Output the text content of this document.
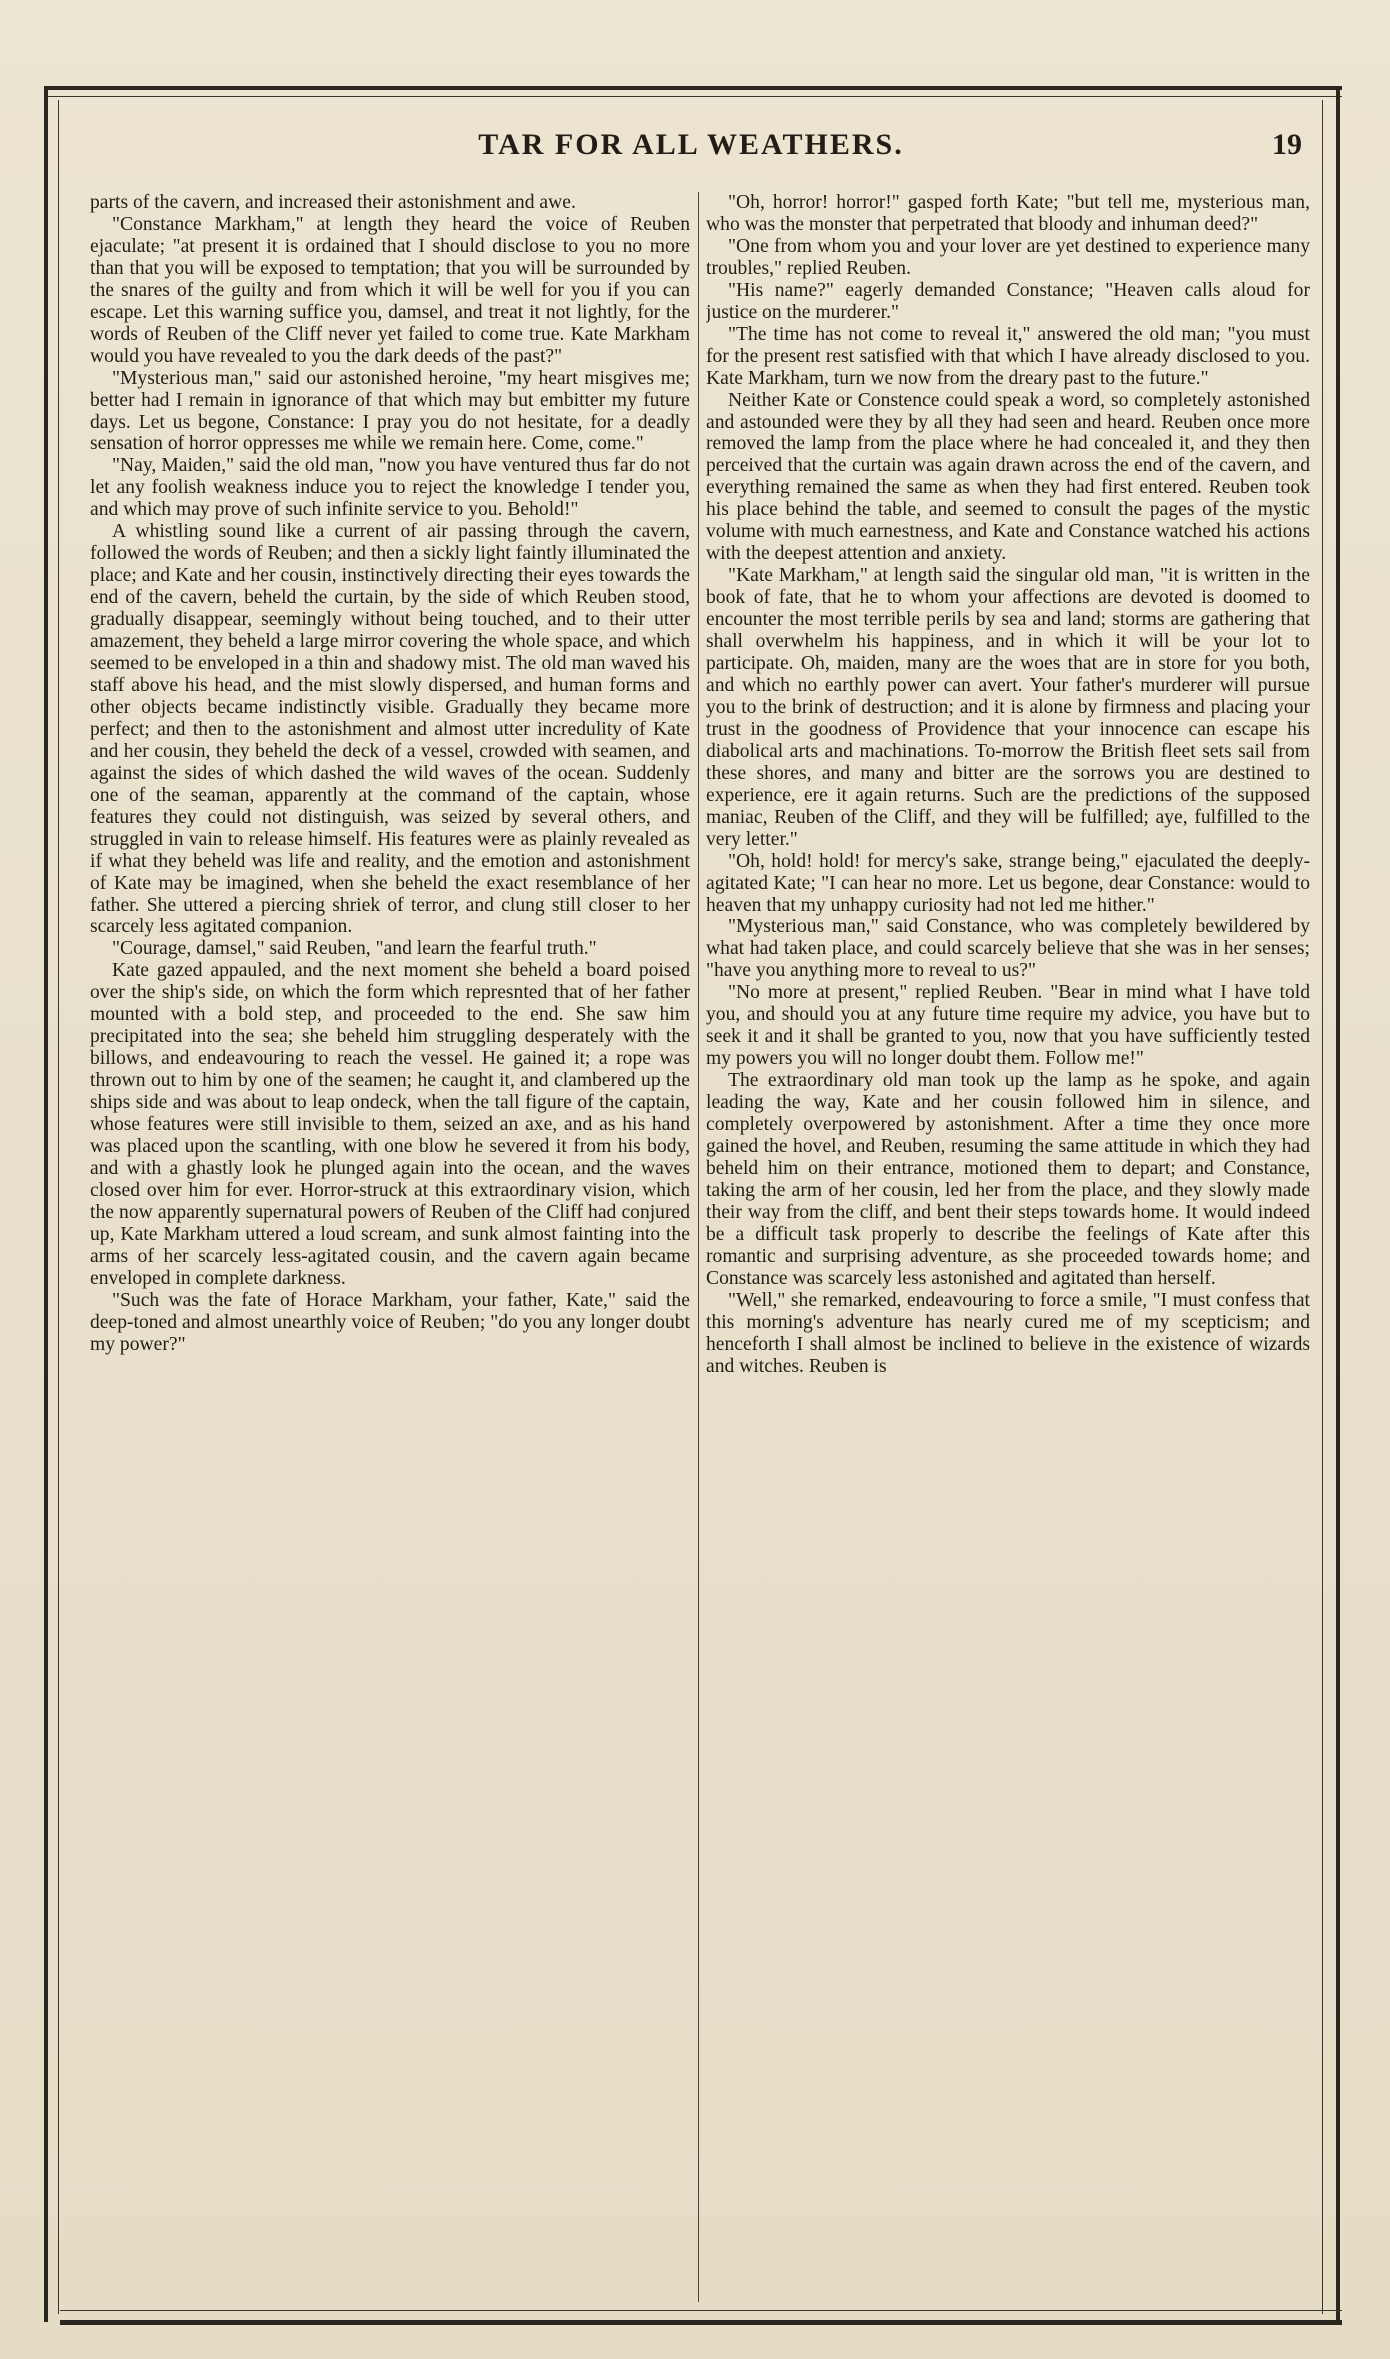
TAR FOR ALL WEATHERS.	19

parts of the cavern, and increased their astonishment and awe.

"Constance Markham," at length they heard the voice of Reuben ejaculate; "at present it is ordained that I should disclose to you no more than that you will be exposed to temptation; that you will be surrounded by the snares of the guilty and from which it will be well for you if you can escape. Let this warning suffice you, damsel, and treat it not lightly, for the words of Reuben of the Cliff never yet failed to come true. Kate Markham would you have revealed to you the dark deeds of the past?"

"Mysterious man," said our astonished heroine, "my heart misgives me; better had I remain in ignorance of that which may but embitter my future days. Let us begone, Constance: I pray you do not hesitate, for a deadly sensation of horror oppresses me while we remain here. Come, come."

"Nay, Maiden," said the old man, "now you have ventured thus far do not let any foolish weakness induce you to reject the knowledge I tender you, and which may prove of such infinite service to you. Behold!"

A whistling sound like a current of air passing through the cavern, followed the words of Reuben; and then a sickly light faintly illuminated the place; and Kate and her cousin, instinctively directing their eyes towards the end of the cavern, beheld the curtain, by the side of which Reuben stood, gradually disappear, seemingly without being touched, and to their utter amazement, they beheld a large mirror covering the whole space, and which seemed to be enveloped in a thin and shadowy mist. The old man waved his staff above his head, and the mist slowly dispersed, and human forms and other objects became indistinctly visible. Gradually they became more perfect; and then to the astonishment and almost utter incredulity of Kate and her cousin, they beheld the deck of a vessel, crowded with seamen, and against the sides of which dashed the wild waves of the ocean. Suddenly one of the seaman, apparently at the command of the captain, whose features they could not distinguish, was seized by several others, and struggled in vain to release himself. His features were as plainly revealed as if what they beheld was life and reality, and the emotion and astonishment of Kate may be imagined, when she beheld the exact resemblance of her father. She uttered a piercing shriek of terror, and clung still closer to her scarcely less agitated companion.

"Courage, damsel," said Reuben, "and learn the fearful truth."

Kate gazed appauled, and the next moment she beheld a board poised over the ship's side, on which the form which represnted that of her father mounted with a bold step, and proceeded to the end. She saw him precipitated into the sea; she beheld him struggling desperately with the billows, and endeavouring to reach the vessel. He gained it; a rope was thrown out to him by one of the seamen; he caught it, and clambered up the ships side and was about to leap ondeck, when the tall figure of the captain, whose features were still invisible to them, seized an axe, and as his hand was placed upon the scantling, with one blow he severed it from his body, and with a ghastly look he plunged again into the ocean, and the waves closed over him for ever. Horror-struck at this extraordinary vision, which the now apparently supernatural powers of Reuben of the Cliff had conjured up, Kate Markham uttered a loud scream, and sunk almost fainting into the arms of her scarcely less-agitated cousin, and the cavern again became enveloped in complete darkness.

"Such was the fate of Horace Markham, your father, Kate," said the deep-toned and almost unearthly voice of Reuben; "do you any longer doubt my power?"

"Oh, horror! horror!" gasped forth Kate; "but tell me, mysterious man, who was the monster that perpetrated that bloody and inhuman deed?"

"One from whom you and your lover are yet destined to experience many troubles," replied Reuben.

"His name?" eagerly demanded Constance; "Heaven calls aloud for justice on the murderer."

"The time has not come to reveal it," answered the old man; "you must for the present rest satisfied with that which I have already disclosed to you. Kate Markham, turn we now from the dreary past to the future."

Neither Kate or Constence could speak a word, so completely astonished and astounded were they by all they had seen and heard. Reuben once more removed the lamp from the place where he had concealed it, and they then perceived that the curtain was again drawn across the end of the cavern, and everything remained the same as when they had first entered. Reuben took his place behind the table, and seemed to consult the pages of the mystic volume with much earnestness, and Kate and Constance watched his actions with the deepest attention and anxiety.

"Kate Markham," at length said the singular old man, "it is written in the book of fate, that he to whom your affections are devoted is doomed to encounter the most terrible perils by sea and land; storms are gathering that shall overwhelm his happiness, and in which it will be your lot to participate. Oh, maiden, many are the woes that are in store for you both, and which no earthly power can avert. Your father's murderer will pursue you to the brink of destruction; and it is alone by firmness and placing your trust in the goodness of Providence that your innocence can escape his diabolical arts and machinations. To-morrow the British fleet sets sail from these shores, and many and bitter are the sorrows you are destined to experience, ere it again returns. Such are the predictions of the supposed maniac, Reuben of the Cliff, and they will be fulfilled; aye, fulfilled to the very letter."

"Oh, hold! hold! for mercy's sake, strange being," ejaculated the deeply-agitated Kate; "I can hear no more. Let us begone, dear Constance: would to heaven that my unhappy curiosity had not led me hither."

"Mysterious man," said Constance, who was completely bewildered by what had taken place, and could scarcely believe that she was in her senses; "have you anything more to reveal to us?"

"No more at present," replied Reuben. "Bear in mind what I have told you, and should you at any future time require my advice, you have but to seek it and it shall be granted to you, now that you have sufficiently tested my powers you will no longer doubt them. Follow me!"

The extraordinary old man took up the lamp as he spoke, and again leading the way, Kate and her cousin followed him in silence, and completely overpowered by astonishment. After a time they once more gained the hovel, and Reuben, resuming the same attitude in which they had beheld him on their entrance, motioned them to depart; and Constance, taking the arm of her cousin, led her from the place, and they slowly made their way from the cliff, and bent their steps towards home. It would indeed be a difficult task properly to describe the feelings of Kate after this romantic and surprising adventure, as she proceeded towards home; and Constance was scarcely less astonished and agitated than herself.

"Well," she remarked, endeavouring to force a smile, "I must confess that this morning's adventure has nearly cured me of my scepticism; and henceforth I shall almost be inclined to believe in the existence of wizards and witches. Reuben is
